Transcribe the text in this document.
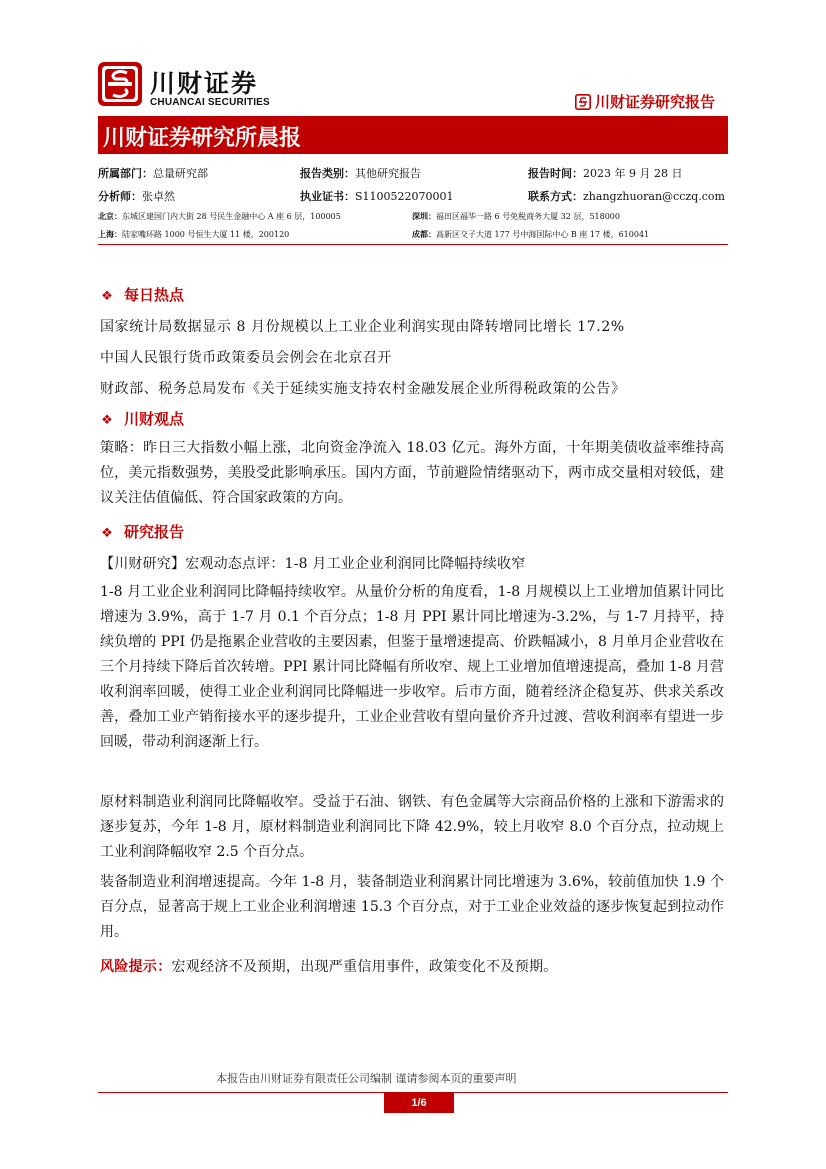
川财证券
CHUANCAI SECURITIES	川财证券研究报告
川财证券研究所晨报
所属部门：总量研究部	报告类别：其他研究报告	报告时间：2023 年 9 月 28 日
分析师：张卓然	执业证书：S1100522070001	联系方式：zhangzhuoran@cczq.com
北京：东城区建国门内大街 28 号民生金融中心 A 座 6 层，100005	深圳：福田区福华一路 6 号免税商务大厦 32 层，518000
上海：陆家嘴环路 1000 号恒生大厦 11 楼，200120	成都：高新区交子大道 177 号中海国际中心 B 座 17 楼，610041
❖ 每日热点
国家统计局数据显示 8 月份规模以上工业企业利润实现由降转增同比增长 17.2%
中国人民银行货币政策委员会例会在北京召开
财政部、税务总局发布《关于延续实施支持农村金融发展企业所得税政策的公告》
❖ 川财观点
策略：昨日三大指数小幅上涨，北向资金净流入 18.03 亿元。海外方面，十年期美债收益率维持高位，美元指数强势，美股受此影响承压。国内方面，节前避险情绪驱动下，两市成交量相对较低，建议关注估值偏低、符合国家政策的方向。
❖ 研究报告
【川财研究】宏观动态点评：1-8 月工业企业利润同比降幅持续收窄
1-8 月工业企业利润同比降幅持续收窄。从量价分析的角度看，1-8 月规模以上工业增加值累计同比增速为 3.9%，高于 1-7 月 0.1 个百分点；1-8 月 PPI 累计同比增速为-3.2%，与 1-7 月持平，持续负增的 PPI 仍是拖累企业营收的主要因素，但鉴于量增速提高、价跌幅减小，8 月单月企业营收在三个月持续下降后首次转增。PPI 累计同比降幅有所收窄、规上工业增加值增速提高，叠加 1-8 月营收利润率回暖，使得工业企业利润同比降幅进一步收窄。后市方面，随着经济企稳复苏、供求关系改善，叠加工业产销衔接水平的逐步提升，工业企业营收有望向量价齐升过渡、营收利润率有望进一步回暖，带动利润逐渐上行。
原材料制造业利润同比降幅收窄。受益于石油、钢铁、有色金属等大宗商品价格的上涨和下游需求的逐步复苏，今年 1-8 月，原材料制造业利润同比下降 42.9%，较上月收窄 8.0 个百分点，拉动规上工业利润降幅收窄 2.5 个百分点。
装备制造业利润增速提高。今年 1-8 月，装备制造业利润累计同比增速为 3.6%，较前值加快 1.9 个百分点，显著高于规上工业企业利润增速 15.3 个百分点，对于工业企业效益的逐步恢复起到拉动作用。
风险提示：宏观经济不及预期，出现严重信用事件，政策变化不及预期。
本报告由川财证券有限责任公司编制 谨请参阅本页的重要声明
1/6
